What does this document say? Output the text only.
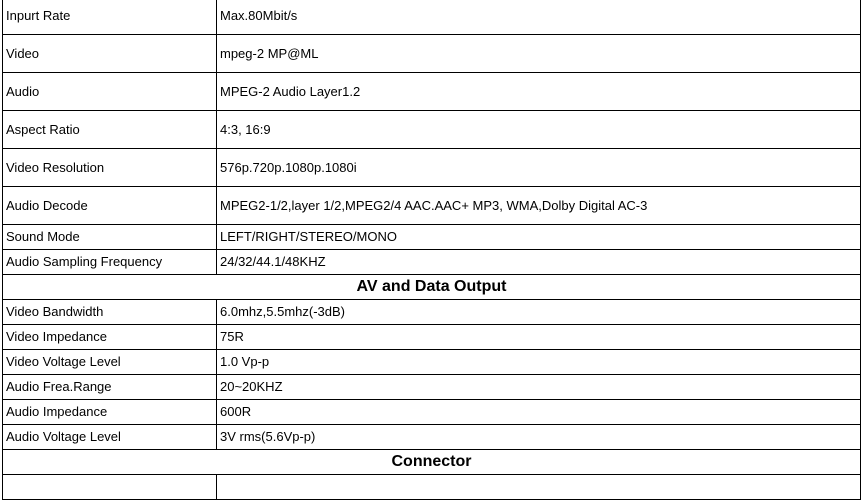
Inpurt Rate	Max.80Mbit/s
Video	mpeg-2 MP@ML
Audio	MPEG-2 Audio Layer1.2
Aspect Ratio	4:3, 16:9
Video Resolution	576p.720p.1080p.1080i
Audio Decode	MPEG2-1/2,layer 1/2,MPEG2/4 AAC.AAC+ MP3, WMA,Dolby Digital AC-3
Sound Mode	LEFT/RIGHT/STEREO/MONO
Audio Sampling Frequency	24/32/44.1/48KHZ
AV and Data Output	
Video Bandwidth	6.0mhz,5.5mhz(-3dB)
Video Impedance	75R
Video Voltage Level	1.0 Vp-p
Audio Frea.Range	20~20KHZ
Audio Impedance	600R
Audio Voltage Level	3V rms(5.6Vp-p)
Connector	
